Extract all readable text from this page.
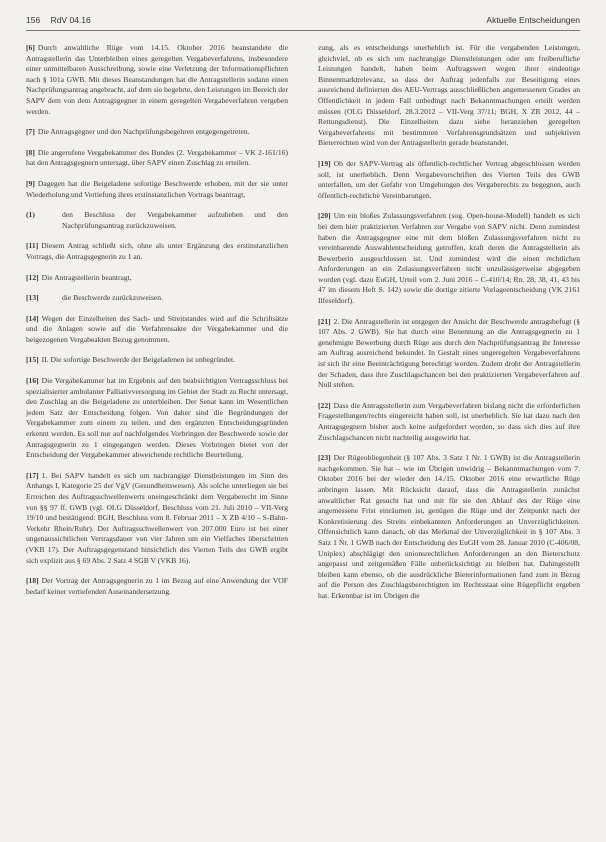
156 RdV 04.16	Aktuelle Entscheidungen

[6] Durch anwaltliche Rüge vom 14.15. Oktober 2016 beanstandete die Antragstellerin das Unterbleiben eines geregelten Vergabeverfahrens, insbesondere einer unmittelbaren Ausschreibung, sowie eine Verletzung der Informationspflichten nach § 101a GWB. Mit dieses Beanstandungen hat die Antragstellerin sodann einen Nachprüfungsantrag angebracht, auf dem sie begehrte, den Leistungen im Bereich der SAPV dem von dem Antragsgegner in einem geregelten Vergabeverfahren vergeben werden.

[7] Die Antragsgegner und den Nachprüfungsbegehren entgegengetreten.

[8] Die angerufene Vergabekammer des Bundes (2. Vergabekammer – VK 2-161/16) hat den Antragsgegnern untersagt, über SAPV einen Zuschlag zu erteilen.

[9] Dagegen hat die Beigeladene sofortige Beschwerde erhoben, mit der sie unter Wiederholung und Vertiefung ihres erstinstanzlichen Vortrags beantragt,

(1)	den Beschluss der Vergabekammer aufzuheben und den Nachprüfungsantrag zurückzuweisen.

[11] Diesem Antrag schließt sich, ohne als unter Ergänzung des erstinstanzlichen Vortrags, die Antragsgegnerin zu 1 an.

[12] Die Antragstellerin beantragt,

[13]	die Beschwerde zurückzuweisen.

[14] Wegen der Einzelheiten des Sach- und Streitstandes wird auf die Schriftsätze und die Anlagen sowie auf die Verfahrensakte der Vergabekammer und die beigezogenen Vergabeakten Bezug genommen.

[15] II. Die sofortige Beschwerde der Beigeladenen ist unbegründet.

[16] Die Vergabekammer hat im Ergebnis auf den beabsichtigten Vertragsschluss bei spezialisierter ambulanter Palliativversorgung im Gebiet der Stadt zu Recht untersagt, den Zuschlag an die Beigeladene zu unterbleiben. Der Senat kann im Wesentlichen jedem Satz der Entscheidung folgen. Von daher sind die Begründungen der Vergabekammer zum einem zu teilen, und den ergänzten Entscheidungsgründen erkennt werden. Es soll nur auf nachfolgendes Vorbringen der Beschwerde sowie der Antragsgegnerin zu 1 eingegangen werden. Dieses Vorbringen bietet von der Entscheidung der Vergabekammer abweichende rechtliche Beurteilung.

[17] 1. Bei SAPV handelt es sich um nachrangige Dienstleistungen im Sinn des Anhangs I, Kategorie 25 der VgV (Gesundheitswesen). Als solche unterliegen sie bei Erreichen des Auftragsschwellenwerts uneingeschränkt dem Vergaberecht im Sinne von §§ 97 ff. GWB (vgl. OLG Düsseldorf, Beschluss vom 21. Juli 2010 – VII-Verg 19/10 und bestätigend: BGH, Beschluss vom 8. Februar 2011 – X ZB 4/10 – S-Bahn-Verkehr Rhein/Ruhr). Der Auftragsschwellenwert von 207.000 Euro ist bei einer ungenaussichtlichen Vertragsdauer von vier Jahren um ein Vielfaches überschritten (VKB 17). Der Auftragsgegenstand hinsichtlich des Vierten Teils des GWB ergibt sich explizit aus § 69 Abs. 2 Satz 4 SGB V (VKB 16).

[18] Der Vortrag der Antragsgegnerin zu 1 im Bezug auf eine Anwendung der VOF bedarf keiner vertiefenden Auseinandersetzung.

zung, als es entscheidungs unerheblich ist. Für die vergabenden Leistungen, gleichviel, ob es sich um nachrangige Dienstleistungen oder um freiberufliche Leistungen handelt, haben beim Auftragswert wegen ihrer eindeutige Binnenmarktrelevanz, so dass der Auftrag jedenfalls zur Beseitigung eines ausreichend definierten des AEU-Vertrags ausschließlichen angemessenen Grades an Öffentlichkeit in jedem Fall unbedingt nach Bekanntmachungen erteilt werden müssen (OLG Düsseldorf, 28.3.2012 – VII-Verg 37/11; BGH, X ZR 2012, 44 – Rettungsdienst). Die Einzelheiten dazu siehe heranziehen geregelten Vergabeverfahrens mit bestimmten Verfahrensgrundsätzen und subjektiven Bieterrechten wird von der Antragstellerin gerade beanstandet.

[19] Ob der SAPV-Vertrag als öffentlich-rechtlicher Vertrag abgeschlossen werden soll, ist unerheblich. Denn Vergabevorschriften des Vierten Teils des GWB unterfallen, um der Gefahr von Umgehungen des Vergaberechts zu begegnen, auch öffentlich-rechtliche Vereinbarungen.

[20] Um ein bloßes Zulassungsverfahren (sog. Open-house-Modell) handelt es sich bei dem hier praktizierten Verfahren zur Vergabe von SAPV nicht. Denn zumindest haben die Antragsgegner eine mit dem bloßen Zulassungsverfahren nicht zu vereinbarende Auswahlentscheidung getroffen, kraft deren die Antragstellerin als Bewerberin ausgeschlossen ist. Und zumindest wird die einen rechtlichen Anforderungen an ein Zulassungsverfahren nicht unzulässigerweise abgegeben worden (vgl. dazu EuGH, Urteil vom 2. Juni 2016 – C-410/14; Rn. 28, 38, 41, 43 bis 47 im diesem Heft S. 142) sowie die dortige zitierte Vorlageentscheidung (VK 2161 Ilfeseldorf).

[21] 2. Die Antragstellerin ist entgegen der Ansicht der Beschwerde antragsbefugt (§ 107 Abs. 2 GWB). Sie hat durch eine Benennung an die Antragsgegnerin zu 1 genehmigte Bewerbung durch Rüge aus durch den Nachprüfungsantrag ihr Interesse am Auftrag ausreichend bekundet. In Gestalt eines ungeregelten Vergabeverfahrens ist sich ihr eine Beeinträchtigung berechtigt worden. Zudem droht der Antragstellerin der Schaden, dass ihre Zuschlagschancen bei den praktizierten Vergabeverfahren auf Null stehen.

[22] Dass die Antragsstellerin zum Vergabeverfahren bislang nicht die erforderlichen Fragestellungen/rechts eingereicht haben soll, ist unerheblich. Sie hat dazu nach den Antragsgegnern bisher auch keine aufgefordert worden, so dass sich dies auf ihre Zuschlagschancen nicht nachteilig ausgewirkt hat.

[23] Der Rügeobliegenheit (§ 107 Abs. 3 Satz 1 Nr. 1 GWB) ist die Antragstellerin nachgekommen. Sie hat – wie im Übrigen unwidrig – Bekanntmachungen vom 7. Oktober 2016 bei der wieder den 14./15. Oktober 2016 eine erwartliche Rüge anbringen lassen. Mit Rücksicht darauf, dass die Antragstellerin zunächst anwaltlicher Rat gesucht hat und mit für sie den Ablauf des der Rüge eine angemessene Frist einräumen ist, genügen die Rüge und der Zeitpunkt nach der Konkretisierung des Streits einbekannten Anforderungen an Unverzüglichkeiten. Offensichtlich kann danach, ob das Merkmal der Unverzüglichkeit in § 107 Abs. 3 Satz 1 Nr. 1 GWB nach der Entscheidung des EuGH vom 28. Januar 2010 (C-406/08, Uniplex) abschlägigt den unionsrechtlichen Anforderungen an den Bieterschutz angepasst und zeitgemäßen Fälle unberücksichtigt zu bleiben hat. Dahingestellt bleiben kann ebenso, ob die ausdrückliche Bieterinformationen fand zum in Bezug auf die Person des Zuschlagsberechtigten im Rechtsstaat eine Rügepflicht ergeben hat. Erkennbar ist im Übrigen die
